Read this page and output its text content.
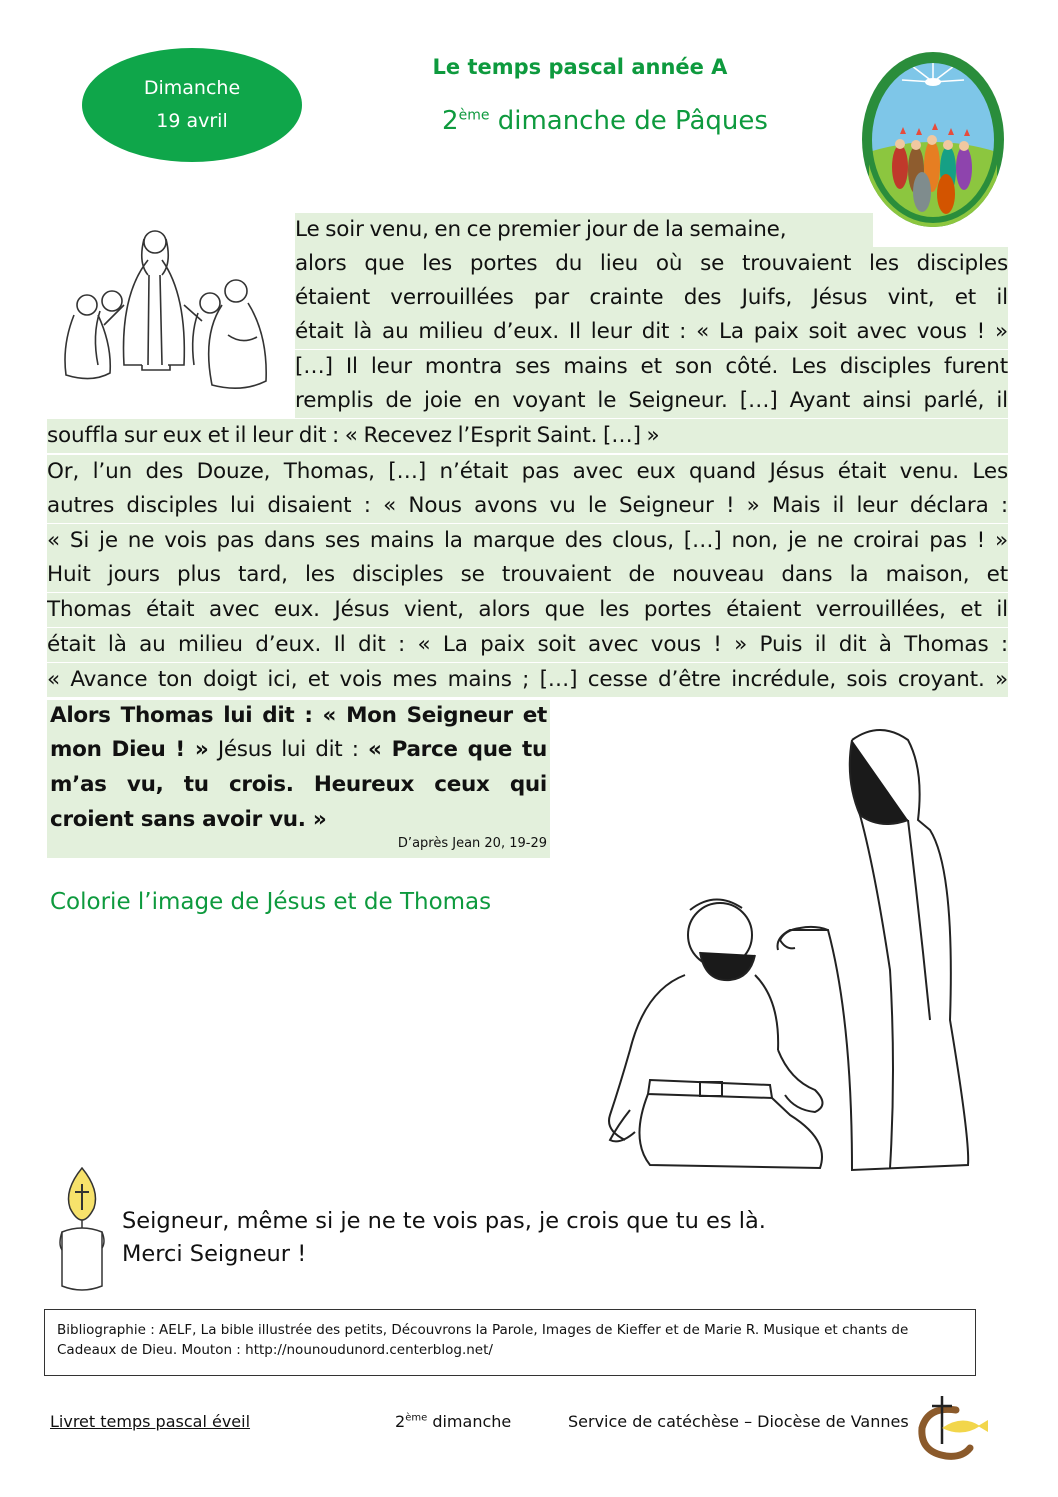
Dimanche
19 avril
Le temps pascal année A
2ème dimanche de Pâques
Le soir venu, en ce premier jour de la semaine,
alors que les portes du lieu où se trouvaient les disciples
étaient verrouillées par crainte des Juifs, Jésus vint, et il
était là au milieu d’eux. Il leur dit : « La paix soit avec vous ! »
[…] Il leur montra ses mains et son côté. Les disciples furent
remplis de joie en voyant le Seigneur. […] Ayant ainsi parlé, il
souffla sur eux et il leur dit : « Recevez l’Esprit Saint. […] »
Or, l’un des Douze, Thomas, […] n’était pas avec eux quand Jésus était venu. Les
autres disciples lui disaient : « Nous avons vu le Seigneur ! » Mais il leur déclara :
« Si je ne vois pas dans ses mains la marque des clous, […] non, je ne croirai pas ! »
Huit jours plus tard, les disciples se trouvaient de nouveau dans la maison, et
Thomas était avec eux. Jésus vient, alors que les portes étaient verrouillées, et il
était là au milieu d’eux. Il dit : « La paix soit avec vous ! » Puis il dit à Thomas :
« Avance ton doigt ici, et vois mes mains ; […] cesse d’être incrédule, sois croyant. »
Alors Thomas lui dit : « Mon Seigneur et
mon Dieu ! » Jésus lui dit : « Parce que tu
m’as vu, tu crois. Heureux ceux qui
croient sans avoir vu. »
D’après Jean 20, 19-29
Colorie l’image de Jésus et de Thomas
Seigneur, même si je ne te vois pas, je crois que tu es là.
Merci Seigneur !
Bibliographie : AELF, La bible illustrée des petits, Découvrons la Parole, Images de Kieffer et de Marie R. Musique et chants de Cadeaux de Dieu. Mouton : http://nounoudunord.centerblog.net/
Livret temps pascal éveil	2ème dimanche	Service de catéchèse – Diocèse de Vannes
